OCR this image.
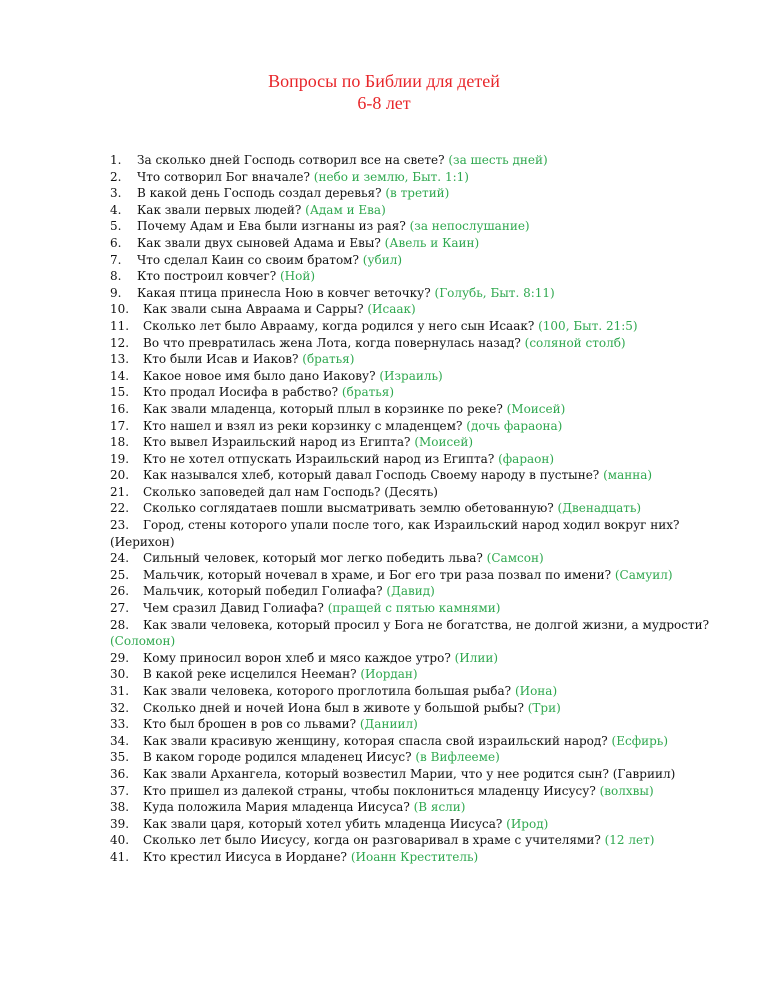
Вопросы по Библии для детей
6-8 лет
1. За сколько дней Господь сотворил все на свете? (за шесть дней)
2. Что сотворил Бог вначале? (небо и землю, Быт. 1:1)
3. В какой день Господь создал деревья? (в третий)
4. Как звали первых людей? (Адам и Ева)
5. Почему Адам и Ева были изгнаны из рая? (за непослушание)
6. Как звали двух сыновей Адама и Евы? (Авель и Каин)
7. Что сделал Каин со своим братом? (убил)
8. Кто построил ковчег? (Ной)
9. Какая птица принесла Ною в ковчег веточку? (Голубь, Быт. 8:11)
10. Как звали сына Авраама и Сарры? (Исаак)
11. Сколько лет было Аврааму, когда родился у него сын Исаак? (100, Быт. 21:5)
12. Во что превратилась жена Лота, когда повернулась назад? (соляной столб)
13. Кто были Исав и Иаков? (братья)
14. Какое новое имя было дано Иакову? (Израиль)
15. Кто продал Иосифа в рабство? (братья)
16. Как звали младенца, который плыл в корзинке по реке? (Моисей)
17. Кто нашел и взял из реки корзинку с младенцем? (дочь фараона)
18. Кто вывел Израильский народ из Египта? (Моисей)
19. Кто не хотел отпускать Израильский народ из Египта? (фараон)
20. Как назывался хлеб, который давал Господь Своему народу в пустыне? (манна)
21. Сколько заповедей дал нам Господь? (Десять)
22. Сколько соглядатаев пошли высматривать землю обетованную? (Двенадцать)
23. Город, стены которого упали после того, как Израильский народ ходил вокруг них? (Иерихон)
24. Сильный человек, который мог легко победить льва? (Самсон)
25. Мальчик, который ночевал в храме, и Бог его три раза позвал по имени? (Самуил)
26. Мальчик, который победил Голиафа? (Давид)
27. Чем сразил Давид Голиафа? (пращей с пятью камнями)
28. Как звали человека, который просил у Бога не богатства, не долгой жизни, а мудрости? (Соломон)
29. Кому приносил ворон хлеб и мясо каждое утро? (Илии)
30. В какой реке исцелился Нееман? (Иордан)
31. Как звали человека, которого проглотила большая рыба? (Иона)
32. Сколько дней и ночей Иона был в животе у большой рыбы? (Три)
33. Кто был брошен в ров со львами? (Даниил)
34. Как звали красивую женщину, которая спасла свой израильский народ? (Есфирь)
35. В каком городе родился младенец Иисус? (в Вифлееме)
36. Как звали Архангела, который возвестил Марии, что у нее родится сын? (Гавриил)
37. Кто пришел из далекой страны, чтобы поклониться младенцу Иисусу? (волхвы)
38. Куда положила Мария младенца Иисуса? (В ясли)
39. Как звали царя, который хотел убить младенца Иисуса? (Ирод)
40. Сколько лет было Иисусу, когда он разговаривал в храме с учителями? (12 лет)
41. Кто крестил Иисуса в Иордане? (Иоанн Креститель)
